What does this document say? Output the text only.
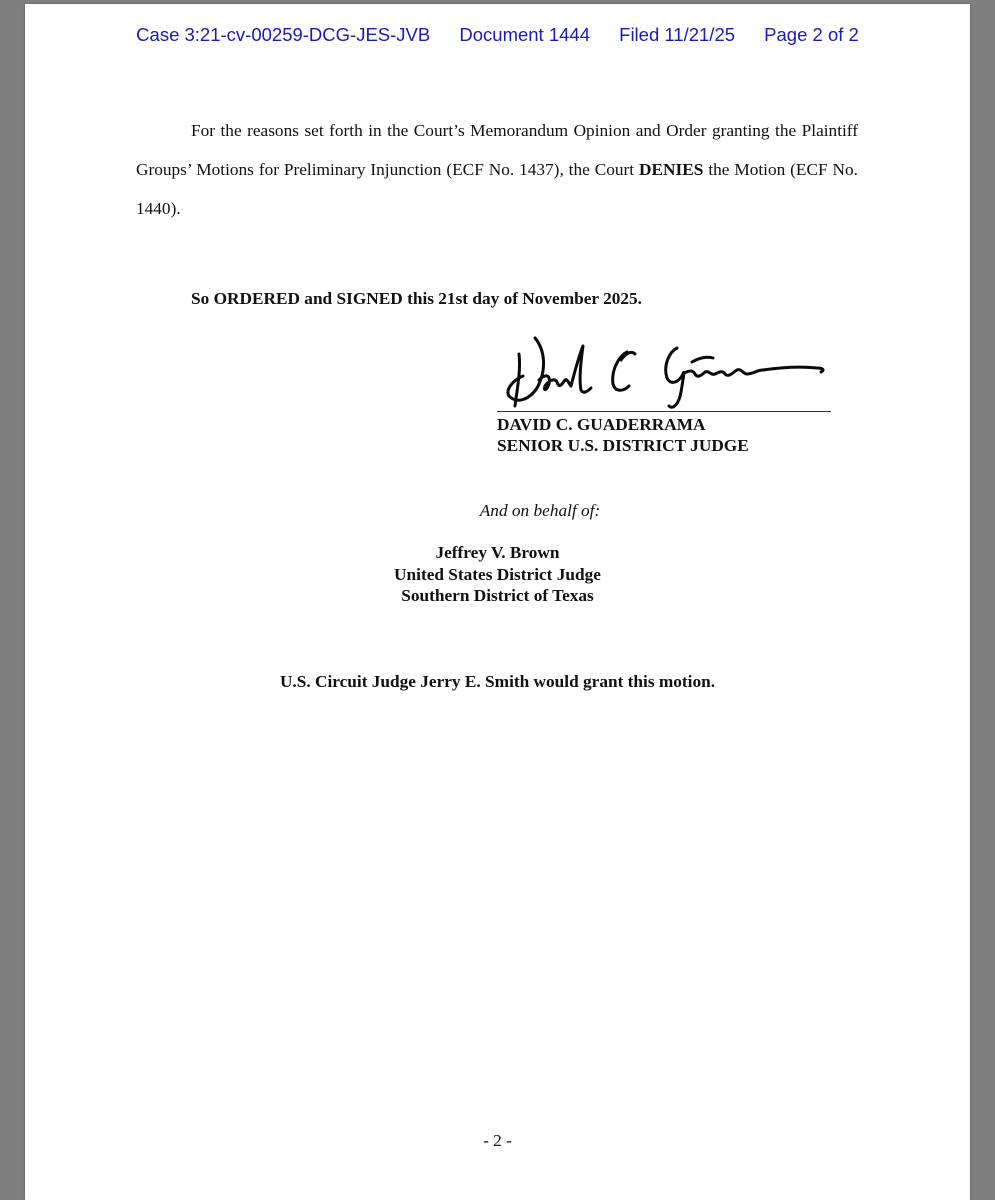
Case 3:21-cv-00259-DCG-JES-JVB Document 1444 Filed 11/21/25 Page 2 of 2

For the reasons set forth in the Court’s Memorandum Opinion and Order granting the Plaintiff Groups’ Motions for Preliminary Injunction (ECF No. 1437), the Court DENIES the Motion (ECF No. 1440).

So ORDERED and SIGNED this 21st day of November 2025.
DAVID C. GUADERRAMA
SENIOR U.S. DISTRICT JUDGE
And on behalf of:
Jeffrey V. Brown
United States District Judge
Southern District of Texas
U.S. Circuit Judge Jerry E. Smith would grant this motion.
- 2 -
